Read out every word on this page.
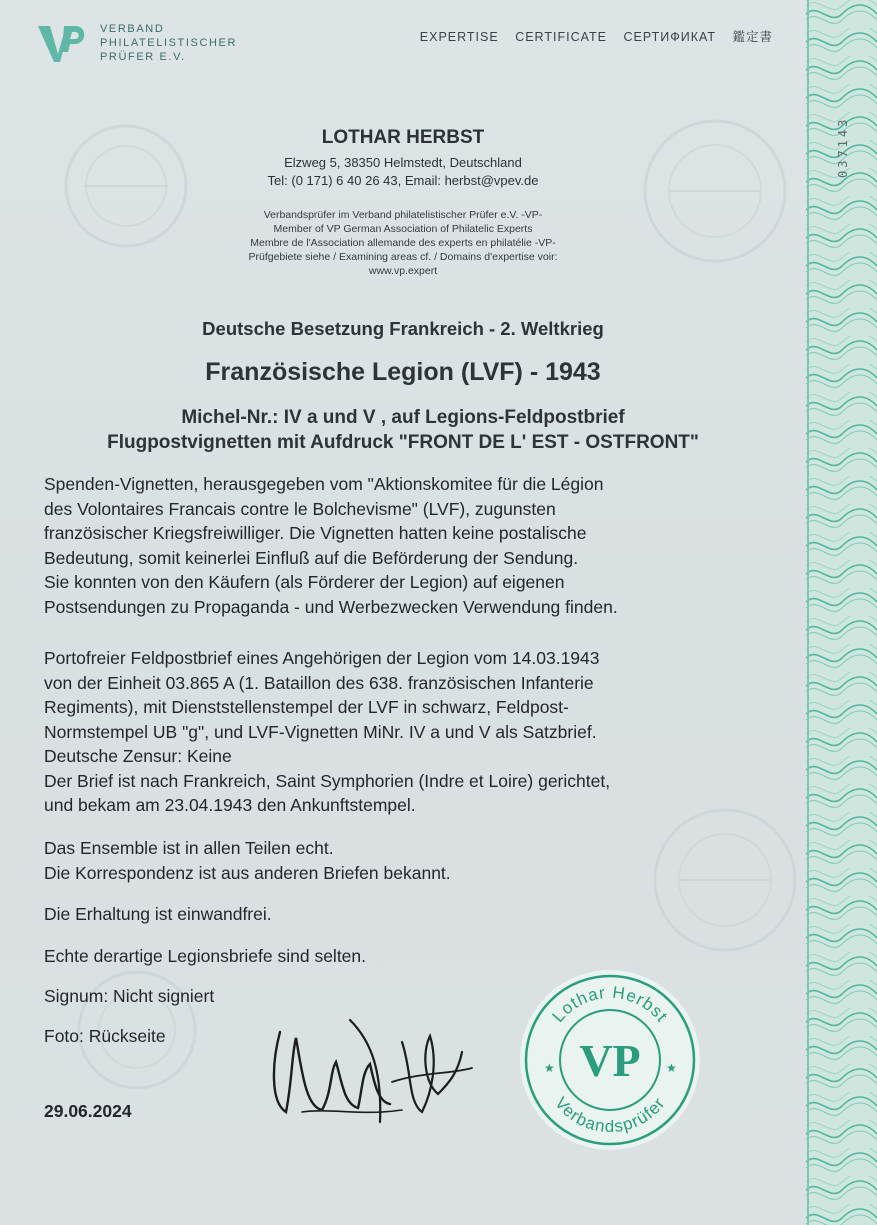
037143
VERBAND
PHILATELISTISCHER
PRÜFER E.V.
EXPERTISE CERTIFICATE СЕРТИФИКАТ 鑑定書
LOTHAR HERBST
Elzweg 5, 38350 Helmstedt, Deutschland
Tel: (0 171) 6 40 26 43, Email: herbst@vpev.de
Verbandsprüfer im Verband philatelistischer Prüfer e.V. -VP-
Member of VP German Association of Philatelic Experts
Membre de l'Association allemande des experts en philatélie -VP-
Prüfgebiete siehe / Examining areas cf. / Domains d'expertise voir:
www.vp.expert
Deutsche Besetzung Frankreich - 2. Weltkrieg
Französische Legion (LVF) - 1943
Michel-Nr.: IV a und V , auf Legions-Feldpostbrief
Flugpostvignetten mit Aufdruck "FRONT DE L' EST - OSTFRONT"
Spenden-Vignetten, herausgegeben vom "Aktionskomitee für die Légion
des Volontaires Francais contre le Bolchevisme" (LVF), zugunsten
französischer Kriegsfreiwilliger. Die Vignetten hatten keine postalische
Bedeutung, somit keinerlei Einfluß auf die Beförderung der Sendung.
Sie konnten von den Käufern (als Förderer der Legion) auf eigenen
Postsendungen zu Propaganda - und Werbezwecken Verwendung finden.
Portofreier Feldpostbrief eines Angehörigen der Legion vom 14.03.1943
von der Einheit 03.865 A (1. Bataillon des 638. französischen Infanterie
Regiments), mit Dienststellenstempel der LVF in schwarz, Feldpost-
Normstempel UB "g", und LVF-Vignetten MiNr. IV a und V als Satzbrief.
Deutsche Zensur: Keine
Der Brief ist nach Frankreich, Saint Symphorien (Indre et Loire) gerichtet,
und bekam am 23.04.1943 den Ankunftstempel.
Das Ensemble ist in allen Teilen echt.
Die Korrespondenz ist aus anderen Briefen bekannt.
Die Erhaltung ist einwandfrei.
Echte derartige Legionsbriefe sind selten.
Signum: Nicht signiert
Foto: Rückseite
29.06.2024
Lothar Herbst
Verbandsprüfer
VP
★	★
